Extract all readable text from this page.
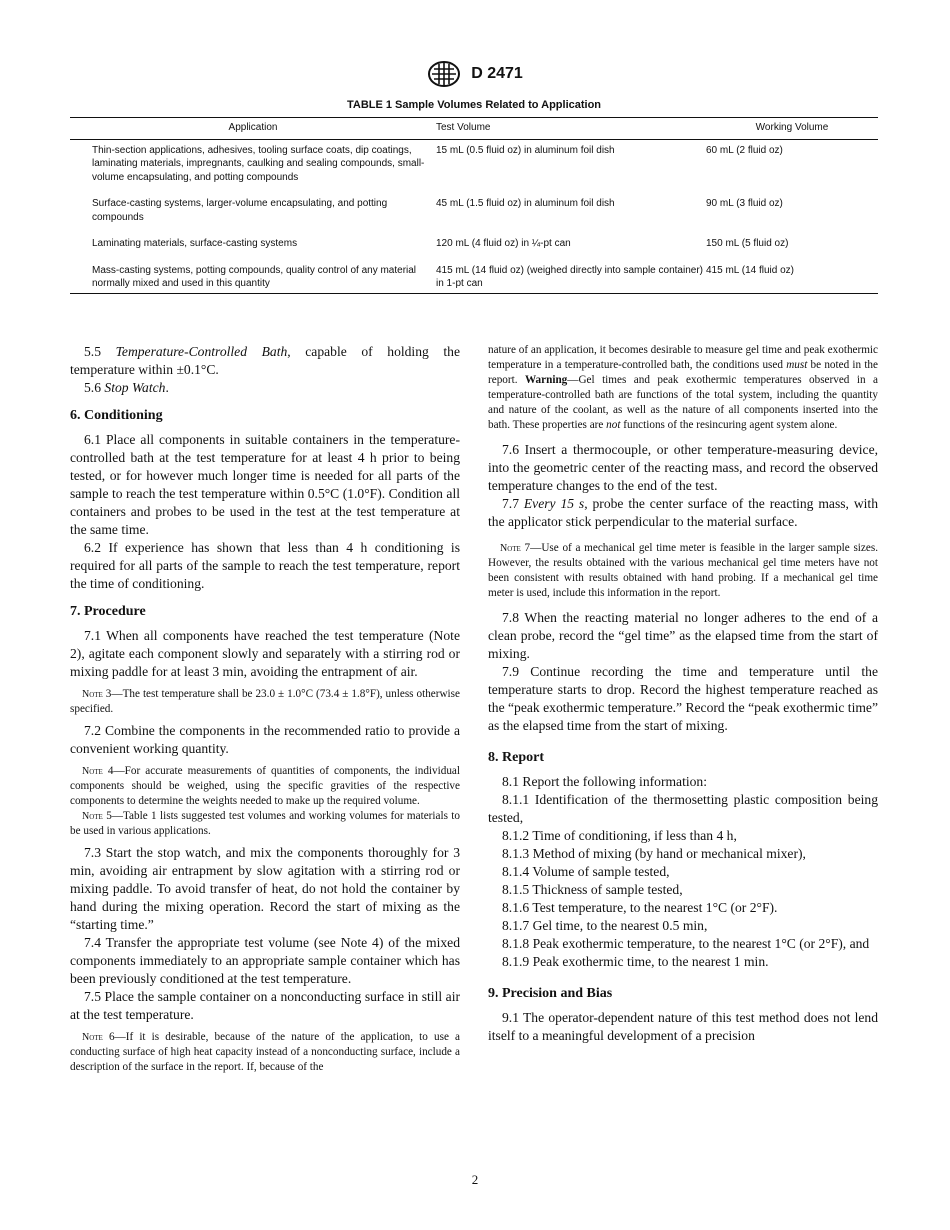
D 2471
TABLE 1 Sample Volumes Related to Application
Application	Test Volume	Working Volume
Thin-section applications, adhesives, tooling surface coats, dip coatings, laminating materials, impregnants, caulking and sealing compounds, small-volume encapsulating, and potting compounds	15 mL (0.5 fluid oz) in aluminum foil dish	60 mL (2 fluid oz)
Surface-casting systems, larger-volume encapsulating, and potting compounds	45 mL (1.5 fluid oz) in aluminum foil dish	90 mL (3 fluid oz)
Laminating materials, surface-casting systems	120 mL (4 fluid oz) in ¼-pt can	150 mL (5 fluid oz)
Mass-casting systems, potting compounds, quality control of any material normally mixed and used in this quantity	415 mL (14 fluid oz) (weighed directly into sample container) in 1-pt can	415 mL (14 fluid oz)

5.5 Temperature-Controlled Bath, capable of holding the temperature within ±0.1°C.

5.6 Stop Watch.

6. Conditioning

6.1 Place all components in suitable containers in the temperature-controlled bath at the test temperature for at least 4 h prior to being tested, or for however much longer time is needed for all parts of the sample to reach the test temperature within 0.5°C (1.0°F). Condition all containers and probes to be used in the test at the test temperature at the same time.

6.2 If experience has shown that less than 4 h conditioning is required for all parts of the sample to reach the test temperature, report the time of conditioning.

7. Procedure

7.1 When all components have reached the test temperature (Note 2), agitate each component slowly and separately with a stirring rod or mixing paddle for at least 3 min, avoiding the entrapment of air.

Note 3—The test temperature shall be 23.0 ± 1.0°C (73.4 ± 1.8°F), unless otherwise specified.

7.2 Combine the components in the recommended ratio to provide a convenient working quantity.

Note 4—For accurate measurements of quantities of components, the individual components should be weighed, using the specific gravities of the respective components to determine the weights needed to make up the required volume.

Note 5—Table 1 lists suggested test volumes and working volumes for materials to be used in various applications.

7.3 Start the stop watch, and mix the components thoroughly for 3 min, avoiding air entrapment by slow agitation with a stirring rod or mixing paddle. To avoid transfer of heat, do not hold the container by hand during the mixing operation. Record the start of mixing as the “starting time.”

7.4 Transfer the appropriate test volume (see Note 4) of the mixed components immediately to an appropriate sample container which has been previously conditioned at the test temperature.

7.5 Place the sample container on a nonconducting surface in still air at the test temperature.

Note 6—If it is desirable, because of the nature of the application, to use a conducting surface of high heat capacity instead of a nonconducting surface, include a description of the surface in the report. If, because of the

nature of an application, it becomes desirable to measure gel time and peak exothermic temperature in a temperature-controlled bath, the conditions used must be noted in the report. Warning—Gel times and peak exothermic temperatures observed in a temperature-controlled bath are functions of the total system, including the quantity and nature of the coolant, as well as the nature of all components inserted into the bath. These properties are not functions of the resincuring agent system alone.

7.6 Insert a thermocouple, or other temperature-measuring device, into the geometric center of the reacting mass, and record the observed temperature changes to the end of the test.

7.7 Every 15 s, probe the center surface of the reacting mass, with the applicator stick perpendicular to the material surface.

Note 7—Use of a mechanical gel time meter is feasible in the larger sample sizes. However, the results obtained with the various mechanical gel time meters have not been consistent with results obtained with hand probing. If a mechanical gel time meter is used, include this information in the report.

7.8 When the reacting material no longer adheres to the end of a clean probe, record the “gel time” as the elapsed time from the start of mixing.

7.9 Continue recording the time and temperature until the temperature starts to drop. Record the highest temperature reached as the “peak exothermic temperature.” Record the “peak exothermic time” as the elapsed time from the start of mixing.

8. Report

8.1 Report the following information:

8.1.1 Identification of the thermosetting plastic composition being tested,

8.1.2 Time of conditioning, if less than 4 h,

8.1.3 Method of mixing (by hand or mechanical mixer),

8.1.4 Volume of sample tested,

8.1.5 Thickness of sample tested,

8.1.6 Test temperature, to the nearest 1°C (or 2°F).

8.1.7 Gel time, to the nearest 0.5 min,

8.1.8 Peak exothermic temperature, to the nearest 1°C (or 2°F), and

8.1.9 Peak exothermic time, to the nearest 1 min.

9. Precision and Bias

9.1 The operator-dependent nature of this test method does not lend itself to a meaningful development of a precision

2
